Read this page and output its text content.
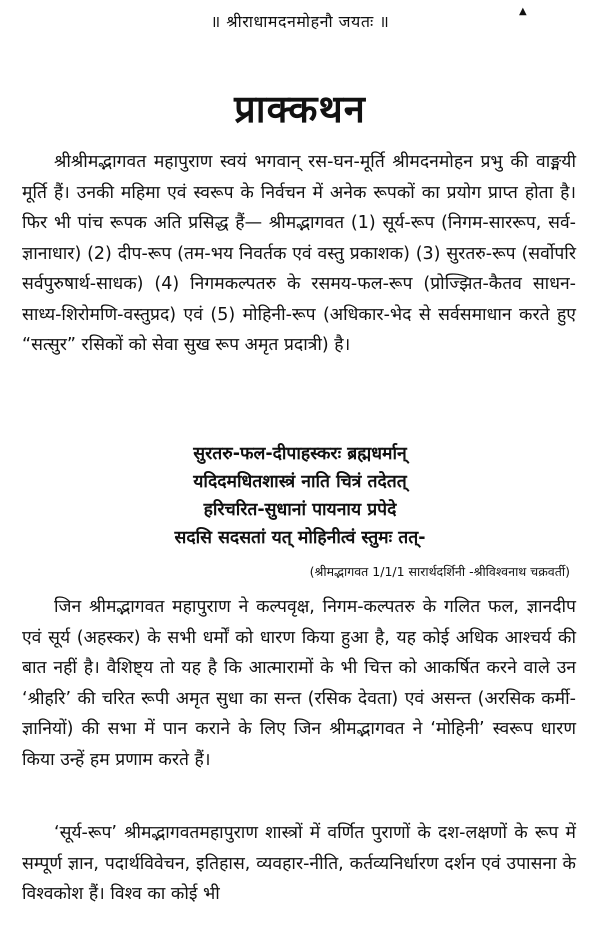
॥ श्रीराधामदनमोहनौ जयतः ॥
▲
प्राक्कथन

श्रीश्रीमद्भागवत महापुराण स्वयं भगवान् रस-घन-मूर्ति श्रीमदनमोहन प्रभु की वाङ्मयी मूर्ति हैं। उनकी महिमा एवं स्वरूप के निर्वचन में अनेक रूपकों का प्रयोग प्राप्त होता है। फिर भी पांच रूपक अति प्रसिद्ध हैं— श्रीमद्भागवत (1) सूर्य-रूप (निगम-साररूप, सर्व-ज्ञानाधार) (2) दीप-रूप (तम-भय निवर्तक एवं वस्तु प्रकाशक) (3) सुरतरु-रूप (सर्वोपरि सर्वपुरुषार्थ-साधक) (4) निगमकल्पतरु के रसमय-फल-रूप (प्रोज्झित-कैतव साधन-साध्य-शिरोमणि-वस्तुप्रद) एवं (5) मोहिनी-रूप (अधिकार-भेद से सर्वसमाधान करते हुए “सत्सुर” रसिकों को सेवा सुख रूप अमृत प्रदात्री) है।

सुरतरु-फल-दीपाहस्करः ब्रह्मधर्मान्
यदिदमधितशास्त्रं नाति चित्रं तदेतत्
हरिचरित-सुधानां पायनाय प्रपेदे
सदसि सदसतां यत् मोहिनीत्वं स्तुमः तत्-
(श्रीमद्भागवत 1/1/1 सारार्थदर्शिनी -श्रीविश्वनाथ चक्रवर्ती)

जिन श्रीमद्भागवत महापुराण ने कल्पवृक्ष, निगम-कल्पतरु के गलित फल, ज्ञानदीप एवं सूर्य (अहस्कर) के सभी धर्मों को धारण किया हुआ है, यह कोई अधिक आश्चर्य की बात नहीं है। वैशिष्ट्य तो यह है कि आत्मारामों के भी चित्त को आकर्षित करने वाले उन ‘श्रीहरि’ की चरित रूपी अमृत सुधा का सन्त (रसिक देवता) एवं असन्त (अरसिक कर्मी-ज्ञानियों) की सभा में पान कराने के लिए जिन श्रीमद्भागवत ने ‘मोहिनी’ स्वरूप धारण किया उन्हें हम प्रणाम करते हैं।

‘सूर्य-रूप’ श्रीमद्भागवतमहापुराण शास्त्रों में वर्णित पुराणों के दश-लक्षणों के रूप में सम्पूर्ण ज्ञान, पदार्थविवेचन, इतिहास, व्यवहार-नीति, कर्तव्यनिर्धारण दर्शन एवं उपासना के विश्वकोश हैं। विश्व का कोई भी
